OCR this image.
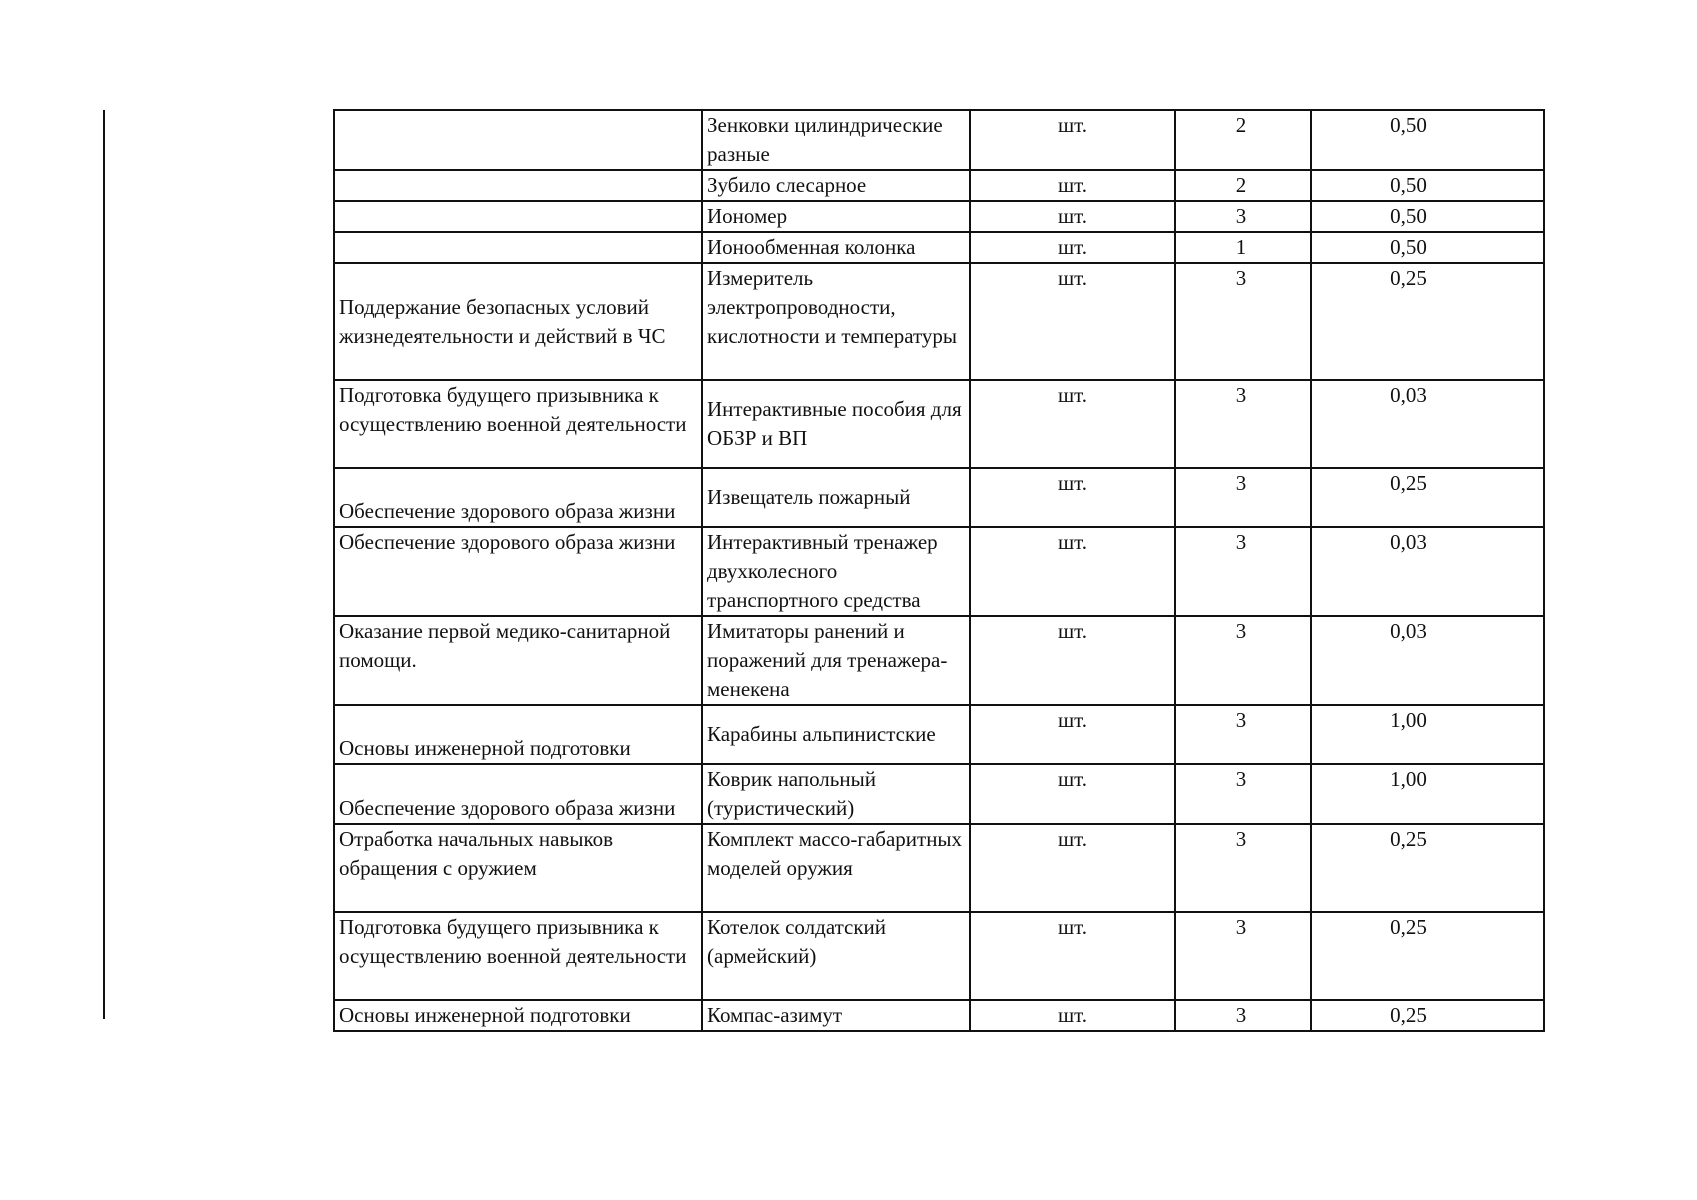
	Зенковки цилиндрические разные	шт.	2	0,50
	Зубило слесарное	шт.	2	0,50
	Иономер	шт.	3	0,50
	Ионообменная колонка	шт.	1	0,50
Поддержание безопасных условий жизнедеятельности и действий в ЧС	Измеритель электропроводности, кислотности и температуры	шт.	3	0,25
Подготовка будущего призывника к осуществлению военной деятельности	Интерактивные пособия для ОБЗР и ВП	шт.	3	0,03
Обеспечение здорового образа жизни	Извещатель пожарный	шт.	3	0,25
Обеспечение здорового образа жизни	Интерактивный тренажер двухколесного транспортного средства	шт.	3	0,03
Оказание первой медико-санитарной помощи.	Имитаторы ранений и поражений для тренажера-менекена	шт.	3	0,03
Основы инженерной подготовки	Карабины альпинистские	шт.	3	1,00
Обеспечение здорового образа жизни	Коврик напольный (туристический)	шт.	3	1,00
Отработка начальных навыков обращения с оружием	Комплект массо-габаритных моделей оружия	шт.	3	0,25
Подготовка будущего призывника к осуществлению военной деятельности	Котелок солдатский (армейский)	шт.	3	0,25
Основы инженерной подготовки	Компас-азимут	шт.	3	0,25
